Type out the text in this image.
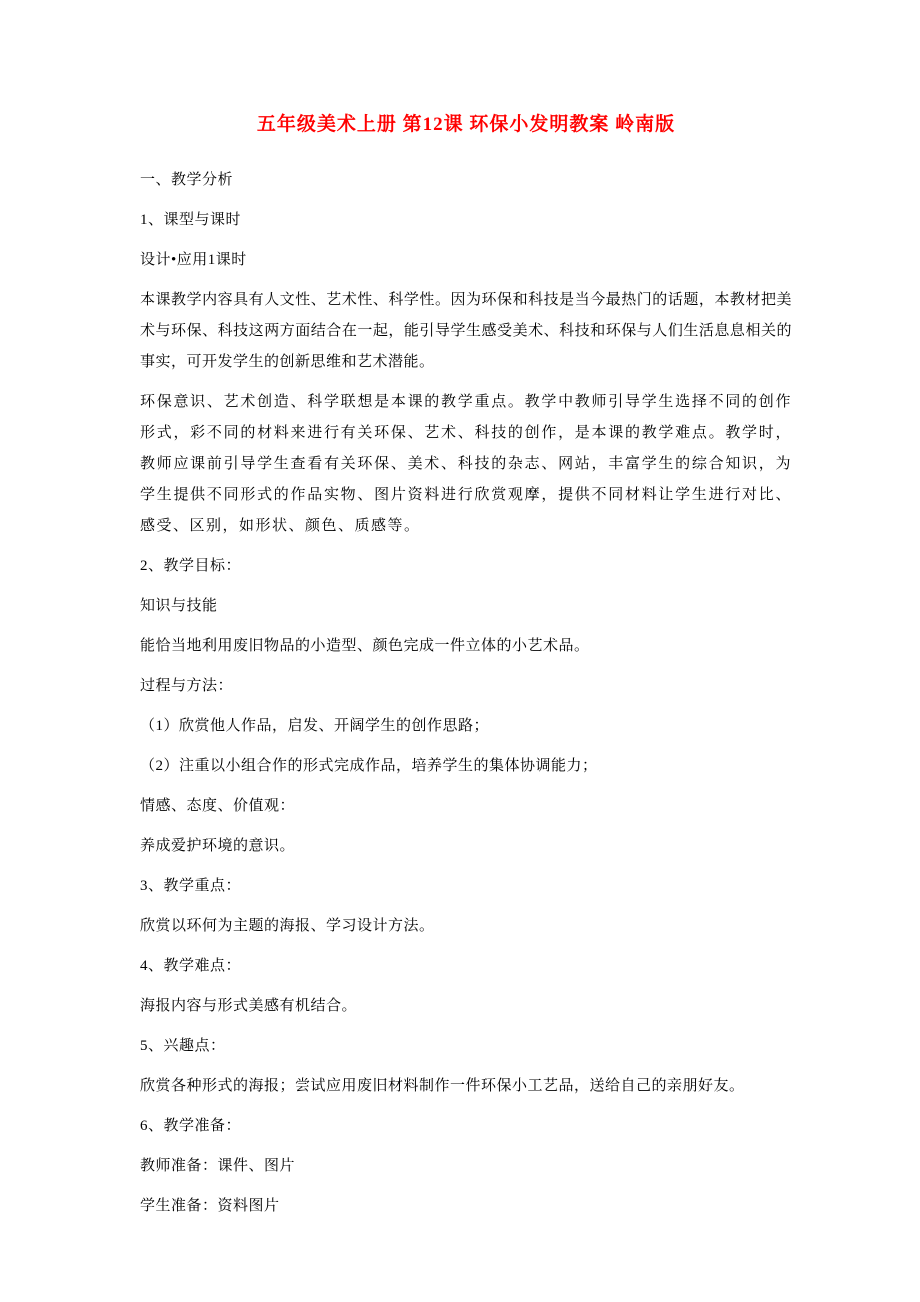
五年级美术上册 第12课 环保小发明教案 岭南版

一、教学分析

1、课型与课时

设计•应用1课时

本课教学内容具有人文性、艺术性、科学性。因为环保和科技是当今最热门的话题，本教材把美术与环保、科技这两方面结合在一起，能引导学生感受美术、科技和环保与人们生活息息相关的事实，可开发学生的创新思维和艺术潜能。

环保意识、艺术创造、科学联想是本课的教学重点。教学中教师引导学生选择不同的创作形式，彩不同的材料来进行有关环保、艺术、科技的创作，是本课的教学难点。教学时，教师应课前引导学生查看有关环保、美术、科技的杂志、网站，丰富学生的综合知识，为学生提供不同形式的作品实物、图片资料进行欣赏观摩，提供不同材料让学生进行对比、感受、区别，如形状、颜色、质感等。

2、教学目标：

知识与技能

能恰当地利用废旧物品的小造型、颜色完成一件立体的小艺术品。

过程与方法：

（1）欣赏他人作品，启发、开阔学生的创作思路；

（2）注重以小组合作的形式完成作品，培养学生的集体协调能力；

情感、态度、价值观：

养成爱护环境的意识。

3、教学重点：

欣赏以环何为主题的海报、学习设计方法。

4、教学难点：

海报内容与形式美感有机结合。

5、兴趣点：

欣赏各种形式的海报；尝试应用废旧材料制作一件环保小工艺品，送给自己的亲朋好友。

6、教学准备：

教师准备：课件、图片

学生准备：资料图片
